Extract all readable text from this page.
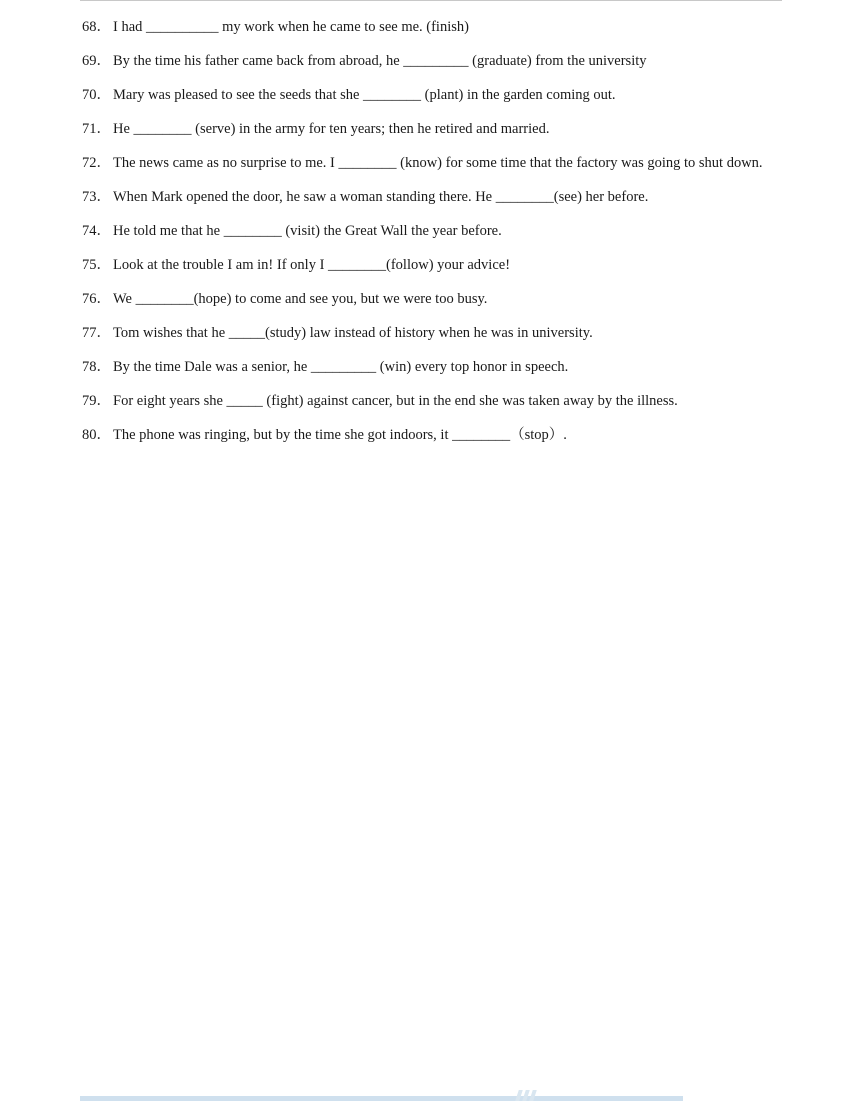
68． I had __________ my work when he came to see me. (finish)
69． By the time his father came back from abroad, he _________ (graduate) from the university
70． Mary was pleased to see the seeds that she ________ (plant) in the garden coming out.
71． He ________ (serve) in the army for ten years; then he retired and married.
72． The news came as no surprise to me. I ________ (know) for some time that the factory was going to shut down.
73． When Mark opened the door, he saw a woman standing there. He ________(see) her before.
74． He told me that he ________ (visit) the Great Wall the year before.
75． Look at the trouble I am in! If only I ________(follow) your advice!
76． We ________(hope) to come and see you, but we were too busy.
77． Tom wishes that he _____(study) law instead of history when he was in university.
78． By the time Dale was a senior, he _________ (win) every top honor in speech.
79． For eight years she _____ (fight) against cancer, but in the end she was taken away by the illness.
80． The phone was ringing, but by the time she got indoors, it ________（stop）.
